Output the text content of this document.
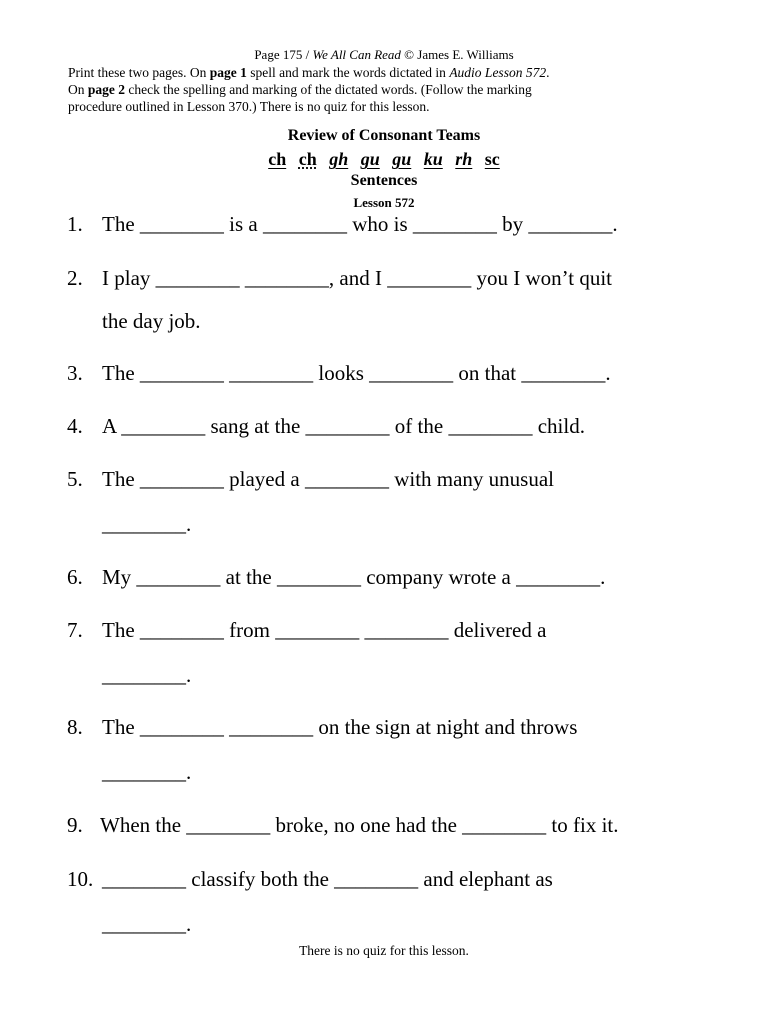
Page 175 / We All Can Read © James E. Williams
Print these two pages. On page 1 spell and mark the words dictated in Audio Lesson 572.
On page 2 check the spelling and marking of the dictated words. (Follow the marking
procedure outlined in Lesson 370.) There is no quiz for this lesson.
Review of Consonant Teams
ch ch gh gu gu ku rh sc
Sentences
Lesson 572
1. The ________ is a ________ who is ________ by ________.
2. I play ________ ________, and I ________ you I won’t quit
the day job.
3. The ________ ________ looks ________ on that ________.
4. A ________ sang at the ________ of the ________ child.
5. The ________ played a ________ with many unusual
________.
6. My ________ at the ________ company wrote a ________.
7. The ________ from ________ ________ delivered a
________.
8. The ________ ________ on the sign at night and throws
________.
9. When the ________ broke, no one had the ________ to fix it.
10. ________ classify both the ________ and elephant as
________.
There is no quiz for this lesson.
